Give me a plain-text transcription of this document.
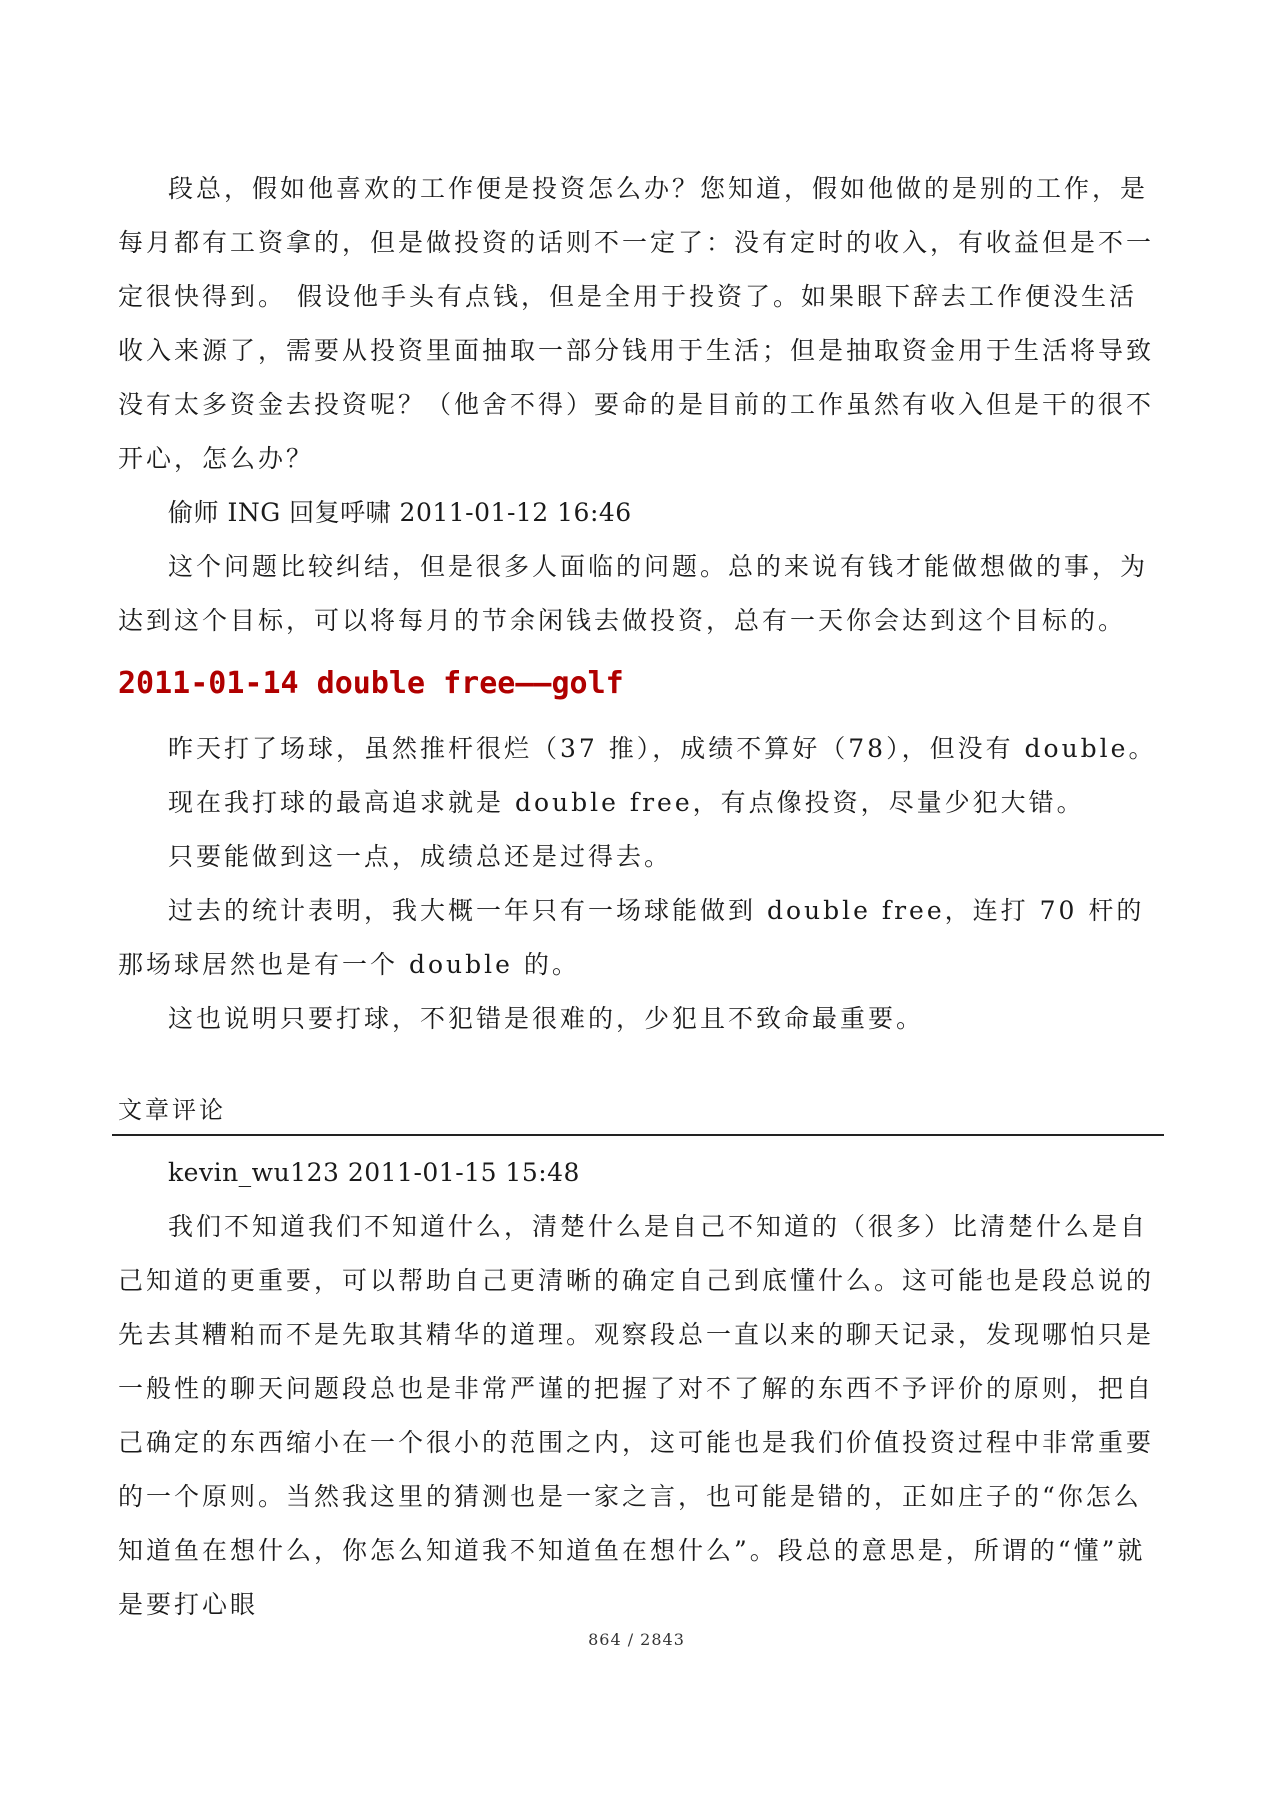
段总，假如他喜欢的工作便是投资怎么办？您知道，假如他做的是别的工作，是每月都有工资拿的，但是做投资的话则不一定了：没有定时的收入，有收益但是不一定很快得到。 假设他手头有点钱，但是全用于投资了。如果眼下辞去工作便没生活收入来源了，需要从投资里面抽取一部分钱用于生活；但是抽取资金用于生活将导致没有太多资金去投资呢？（他舍不得）要命的是目前的工作虽然有收入但是干的很不开心，怎么办？

偷师 ING 回复呼啸 2011-01-12 16:46

这个问题比较纠结，但是很多人面临的问题。总的来说有钱才能做想做的事，为达到这个目标，可以将每月的节余闲钱去做投资，总有一天你会达到这个目标的。

2011-01-14 double free——golf

昨天打了场球，虽然推杆很烂（37 推），成绩不算好（78），但没有 double。

现在我打球的最高追求就是 double free，有点像投资，尽量少犯大错。

只要能做到这一点，成绩总还是过得去。

过去的统计表明，我大概一年只有一场球能做到 double free，连打 70 杆的那场球居然也是有一个 double 的。

这也说明只要打球，不犯错是很难的，少犯且不致命最重要。

文章评论

kevin_wu123 2011-01-15 15:48

我们不知道我们不知道什么，清楚什么是自己不知道的（很多）比清楚什么是自己知道的更重要，可以帮助自己更清晰的确定自己到底懂什么。这可能也是段总说的先去其糟粕而不是先取其精华的道理。观察段总一直以来的聊天记录，发现哪怕只是一般性的聊天问题段总也是非常严谨的把握了对不了解的东西不予评价的原则，把自己确定的东西缩小在一个很小的范围之内，这可能也是我们价值投资过程中非常重要的一个原则。当然我这里的猜测也是一家之言，也可能是错的，正如庄子的“你怎么知道鱼在想什么，你怎么知道我不知道鱼在想什么”。段总的意思是，所谓的“懂”就是要打心眼

864 / 2843
